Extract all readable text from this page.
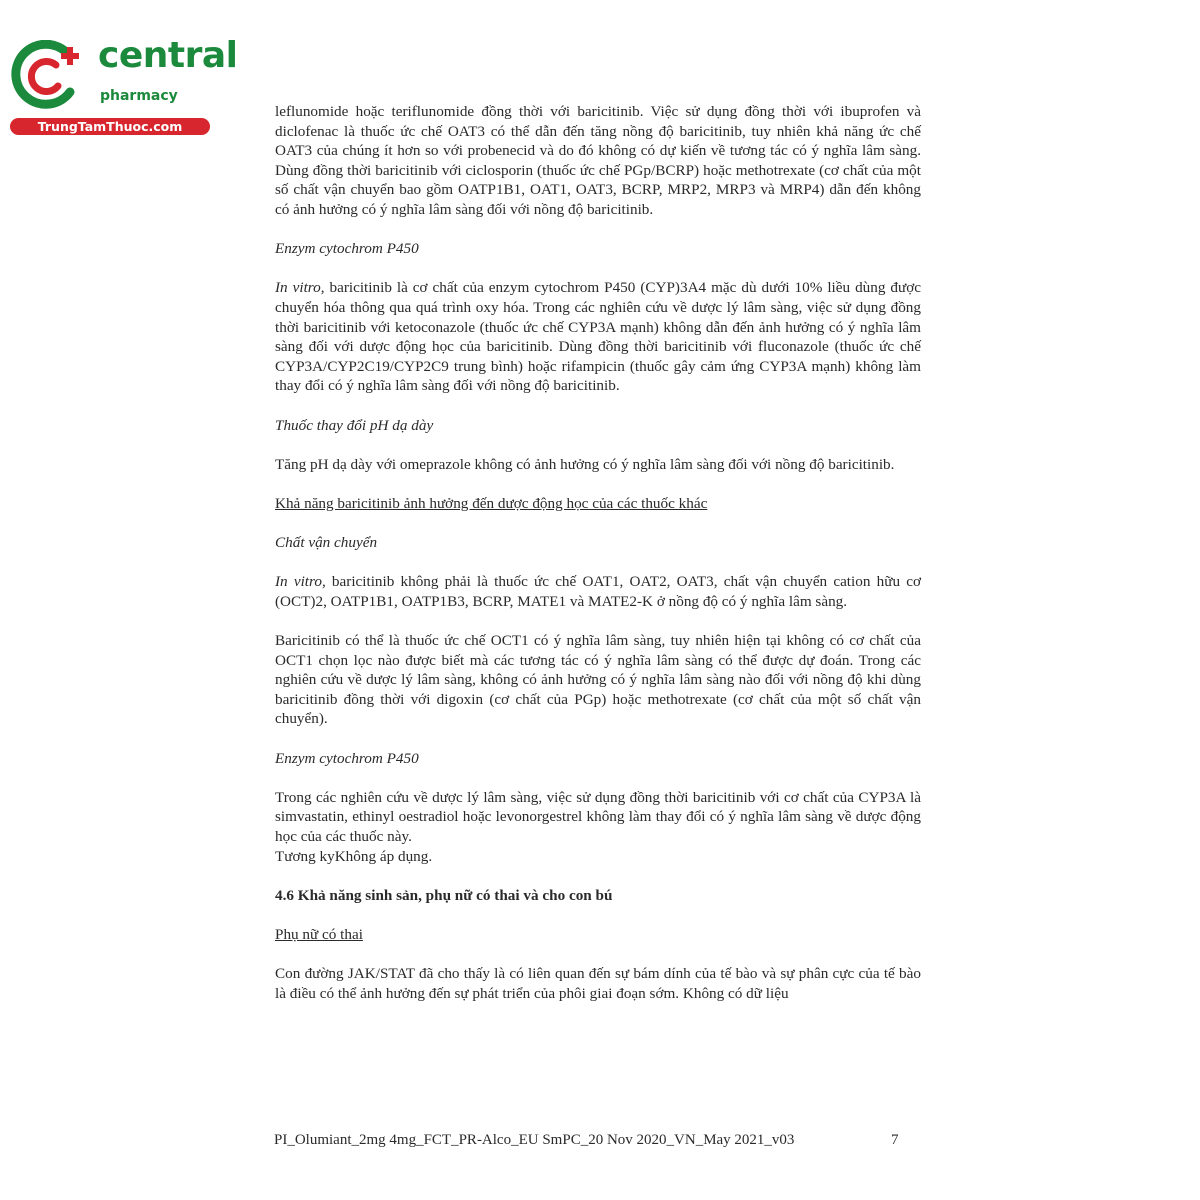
central
pharmacy
TrungTamThuoc.com

leflunomide hoặc teriflunomide đồng thời với baricitinib. Việc sử dụng đồng thời với ibuprofen và diclofenac là thuốc ức chế OAT3 có thể dẫn đến tăng nồng độ baricitinib, tuy nhiên khả năng ức chế OAT3 của chúng ít hơn so với probenecid và do đó không có dự kiến về tương tác có ý nghĩa lâm sàng. Dùng đồng thời baricitinib với ciclosporin (thuốc ức chế PGp/BCRP) hoặc methotrexate (cơ chất của một số chất vận chuyển bao gồm OATP1B1, OAT1, OAT3, BCRP, MRP2, MRP3 và MRP4) dẫn đến không có ảnh hưởng có ý nghĩa lâm sàng đối với nồng độ baricitinib.

Enzym cytochrom P450

In vitro, baricitinib là cơ chất của enzym cytochrom P450 (CYP)3A4 mặc dù dưới 10% liều dùng được chuyển hóa thông qua quá trình oxy hóa. Trong các nghiên cứu về dược lý lâm sàng, việc sử dụng đồng thời baricitinib với ketoconazole (thuốc ức chế CYP3A mạnh) không dẫn đến ảnh hưởng có ý nghĩa lâm sàng đối với dược động học của baricitinib. Dùng đồng thời baricitinib với fluconazole (thuốc ức chế CYP3A/CYP2C19/CYP2C9 trung bình) hoặc rifampicin (thuốc gây cảm ứng CYP3A mạnh) không làm thay đổi có ý nghĩa lâm sàng đối với nồng độ baricitinib.

Thuốc thay đổi pH dạ dày

Tăng pH dạ dày với omeprazole không có ảnh hưởng có ý nghĩa lâm sàng đối với nồng độ baricitinib.

Khả năng baricitinib ảnh hưởng đến dược động học của các thuốc khác

Chất vận chuyển

In vitro, baricitinib không phải là thuốc ức chế OAT1, OAT2, OAT3, chất vận chuyển cation hữu cơ (OCT)2, OATP1B1, OATP1B3, BCRP, MATE1 và MATE2-K ở nồng độ có ý nghĩa lâm sàng.

Baricitinib có thể là thuốc ức chế OCT1 có ý nghĩa lâm sàng, tuy nhiên hiện tại không có cơ chất của OCT1 chọn lọc nào được biết mà các tương tác có ý nghĩa lâm sàng có thể được dự đoán. Trong các nghiên cứu về dược lý lâm sàng, không có ảnh hưởng có ý nghĩa lâm sàng nào đối với nồng độ khi dùng baricitinib đồng thời với digoxin (cơ chất của PGp) hoặc methotrexate (cơ chất của một số chất vận chuyển).

Enzym cytochrom P450

Trong các nghiên cứu về dược lý lâm sàng, việc sử dụng đồng thời baricitinib với cơ chất của CYP3A là simvastatin, ethinyl oestradiol hoặc levonorgestrel không làm thay đổi có ý nghĩa lâm sàng về dược động học của các thuốc này.

Tương kyKhông áp dụng.

4.6 Khả năng sinh sản, phụ nữ có thai và cho con bú

Phụ nữ có thai

Con đường JAK/STAT đã cho thấy là có liên quan đến sự bám dính của tế bào và sự phân cực của tế bào là điều có thể ảnh hưởng đến sự phát triển của phôi giai đoạn sớm. Không có dữ liệu

PI_Olumiant_2mg 4mg_FCT_PR-Alco_EU SmPC_20 Nov 2020_VN_May 2021_v03	7
